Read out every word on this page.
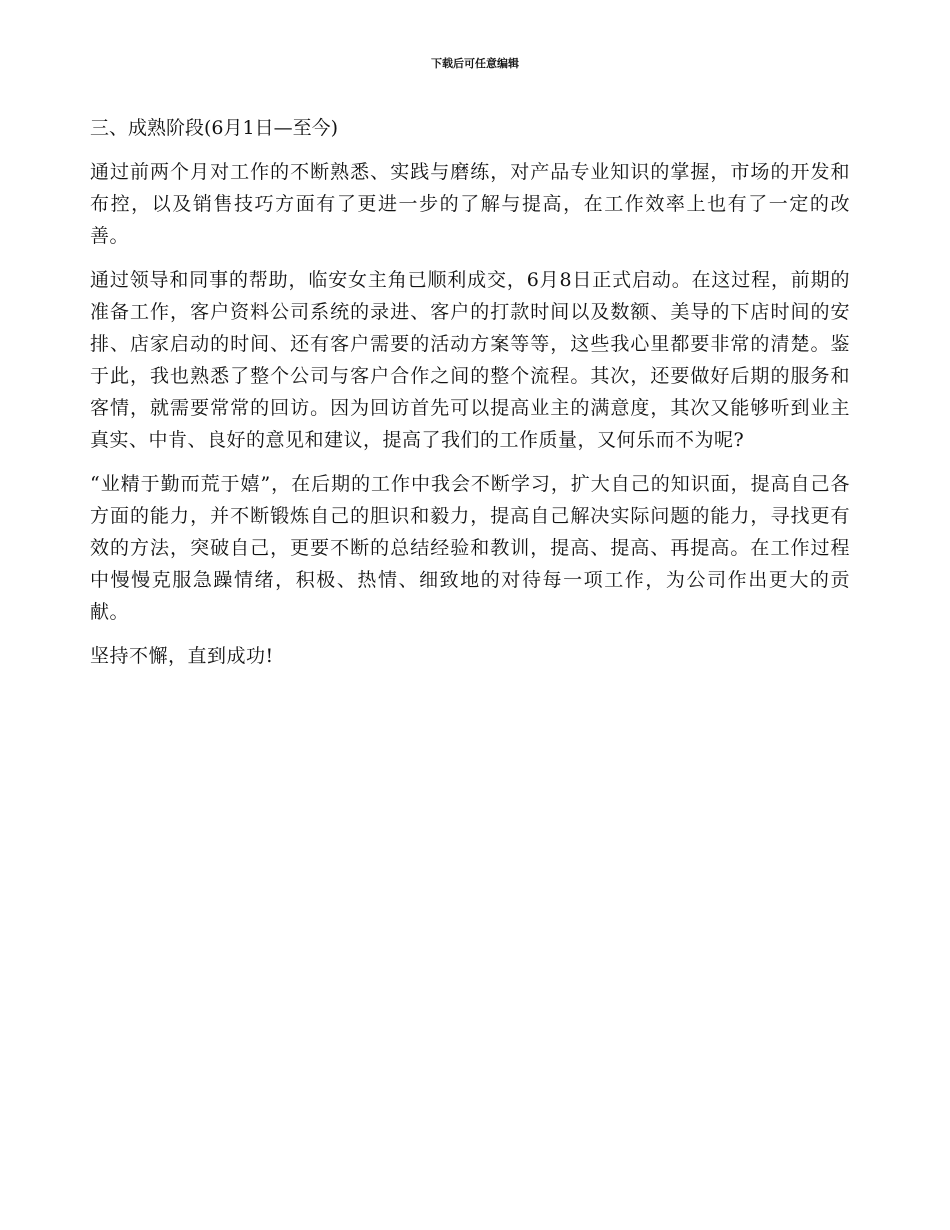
下载后可任意编辑
三、成熟阶段(6月1日—至今)

通过前两个月对工作的不断熟悉、实践与磨练，对产品专业知识的掌握，市场的开发和布控，以及销售技巧方面有了更进一步的了解与提高，在工作效率上也有了一定的改善。

通过领导和同事的帮助，临安女主角已顺利成交，6月8日正式启动。在这过程，前期的准备工作，客户资料公司系统的录进、客户的打款时间以及数额、美导的下店时间的安排、店家启动的时间、还有客户需要的活动方案等等，这些我心里都要非常的清楚。鉴于此，我也熟悉了整个公司与客户合作之间的整个流程。其次，还要做好后期的服务和客情，就需要常常的回访。因为回访首先可以提高业主的满意度，其次又能够听到业主真实、中肯、良好的意见和建议，提高了我们的工作质量，又何乐而不为呢?

“业精于勤而荒于嬉”，在后期的工作中我会不断学习，扩大自己的知识面，提高自己各方面的能力，并不断锻炼自己的胆识和毅力，提高自己解决实际问题的能力，寻找更有效的方法，突破自己，更要不断的总结经验和教训，提高、提高、再提高。在工作过程中慢慢克服急躁情绪，积极、热情、细致地的对待每一项工作，为公司作出更大的贡献。

坚持不懈，直到成功!
